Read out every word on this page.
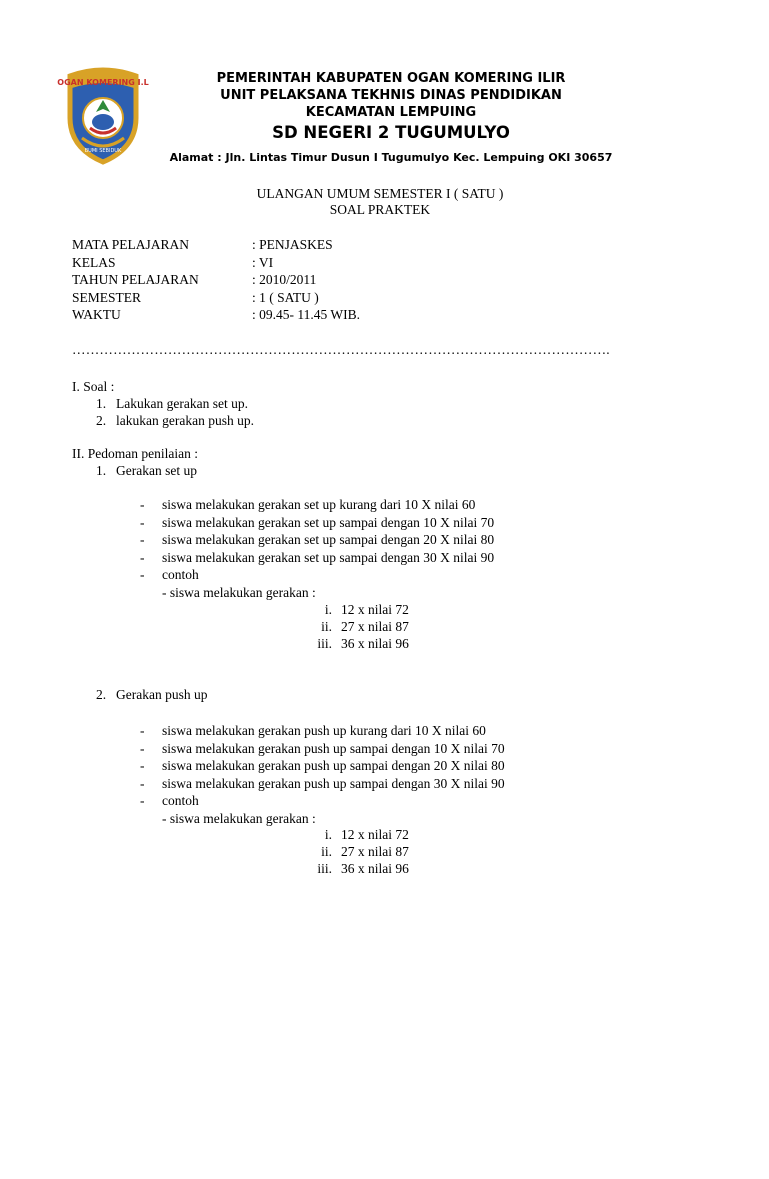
OGAN KOMERING I.L
BUMI SEBIDUK
PEMERINTAH KABUPATEN OGAN KOMERING ILIR
UNIT PELAKSANA TEKHNIS DINAS PENDIDIKAN
KECAMATAN LEMPUING
SD NEGERI 2 TUGUMULYO
Alamat : Jln. Lintas Timur Dusun I Tugumulyo Kec. Lempuing OKI 30657
ULANGAN UMUM SEMESTER I ( SATU )
SOAL PRAKTEK
MATA PELAJARAN	: PENJASKES
KELAS	: VI
TAHUN PELAJARAN	: 2010/2011
SEMESTER	: 1 ( SATU )
WAKTU	: 09.45- 11.45 WIB.
……………………………………………………………………………………………………….
I. Soal :
1. Lakukan gerakan set up.
2. lakukan gerakan push up.
II. Pedoman penilaian :
1. Gerakan set up
- siswa melakukan gerakan set up kurang dari 10 X nilai 60
- siswa melakukan gerakan set up sampai dengan 10 X nilai 70
- siswa melakukan gerakan set up sampai dengan 20 X nilai 80
- siswa melakukan gerakan set up sampai dengan 30 X nilai 90
- contoh
- siswa melakukan gerakan :
i. 12 x nilai 72
ii. 27 x nilai 87
iii. 36 x nilai 96
2. Gerakan push up
- siswa melakukan gerakan push up kurang dari 10 X nilai 60
- siswa melakukan gerakan push up sampai dengan 10 X nilai 70
- siswa melakukan gerakan push up sampai dengan 20 X nilai 80
- siswa melakukan gerakan push up sampai dengan 30 X nilai 90
- contoh
- siswa melakukan gerakan :
i. 12 x nilai 72
ii. 27 x nilai 87
iii. 36 x nilai 96
